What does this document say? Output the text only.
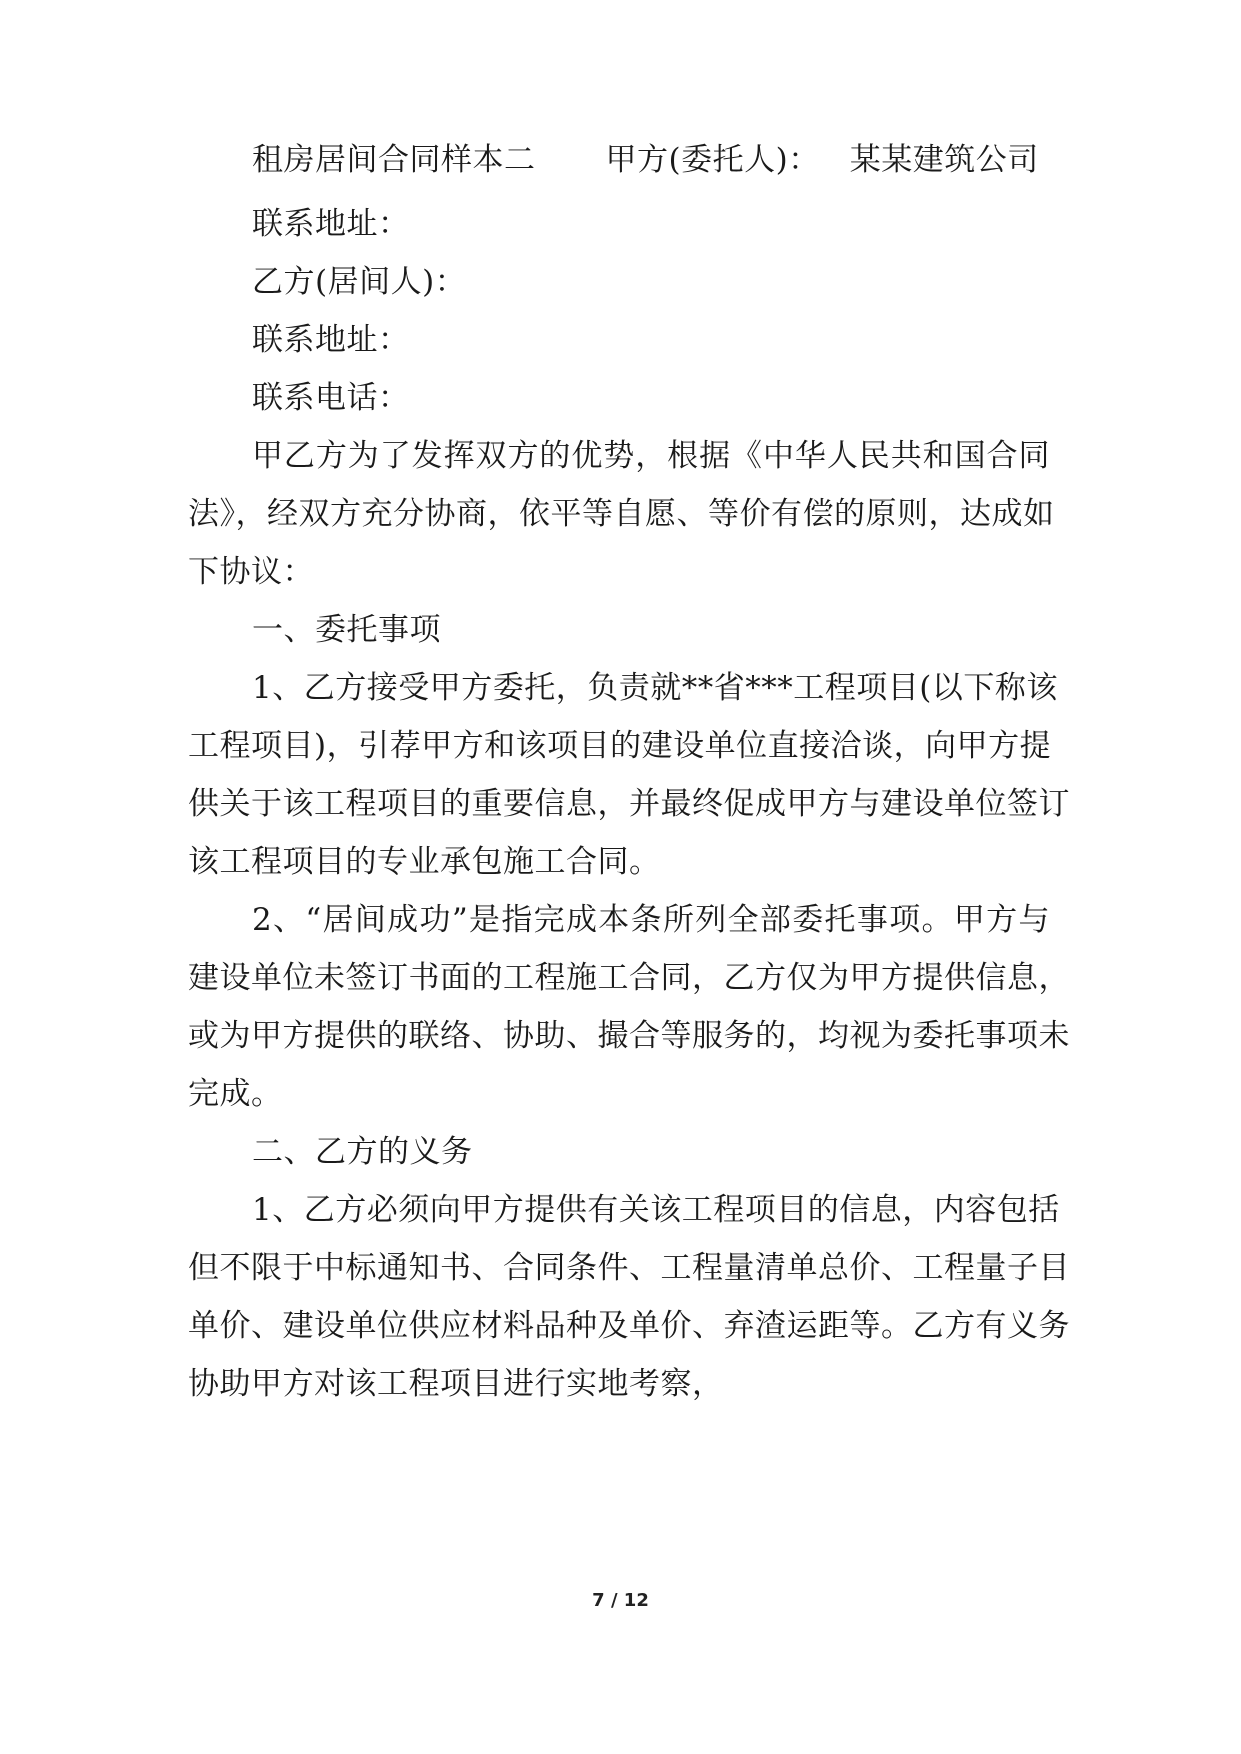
租房居间合同样本二 甲方(委托人)： 某某建筑公司
联系地址：
乙方(居间人)：
联系地址：
联系电话：
甲乙方为了发挥双方的优势，根据《中华人民共和国合同
法》，经双方充分协商，依平等自愿、等价有偿的原则，达成如
下协议：
一、委托事项
1、乙方接受甲方委托，负责就**省***工程项目(以下称该
工程项目)，引荐甲方和该项目的建设单位直接洽谈，向甲方提
供关于该工程项目的重要信息，并最终促成甲方与建设单位签订
该工程项目的专业承包施工合同。
2、“居间成功”是指完成本条所列全部委托事项。甲方与
建设单位未签订书面的工程施工合同，乙方仅为甲方提供信息，
或为甲方提供的联络、协助、撮合等服务的，均视为委托事项未
完成。
二、乙方的义务
1、乙方必须向甲方提供有关该工程项目的信息，内容包括
但不限于中标通知书、合同条件、工程量清单总价、工程量子目
单价、建设单位供应材料品种及单价、弃渣运距等。乙方有义务
协助甲方对该工程项目进行实地考察，
7 / 12
